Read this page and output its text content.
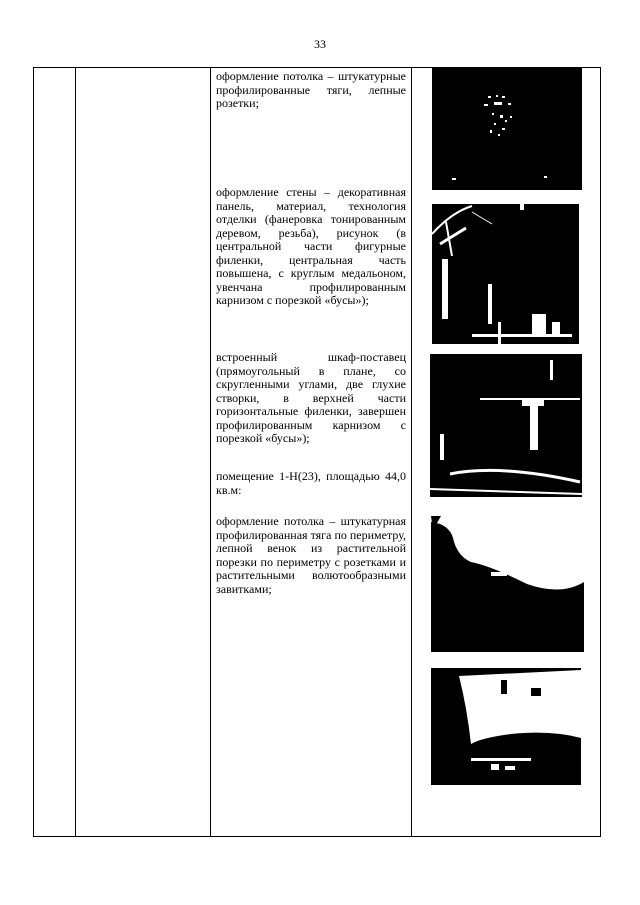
33
оформление потолка – штукатурные профилированные тяги, лепные розетки;
оформление стены – декоративная панель, материал, технология отделки (фанеровка тонированным деревом, резьба), рисунок (в центральной части фигурные филенки, центральная часть повышена, с круглым медальоном, увенчана профилированным карнизом с порезкой «бусы»);
встроенный шкаф-поставец (прямоугольный в плане, со скругленными углами, две глухие створки, в верхней части горизонтальные филенки, завершен профилированным карнизом с порезкой «бусы»);
помещение 1-Н(23), площадью 44,0 кв.м:
оформление потолка – штукатурная профилированная тяга по периметру, лепной венок из растительной порезки по периметру с розетками и растительными волютообразными завитками;
